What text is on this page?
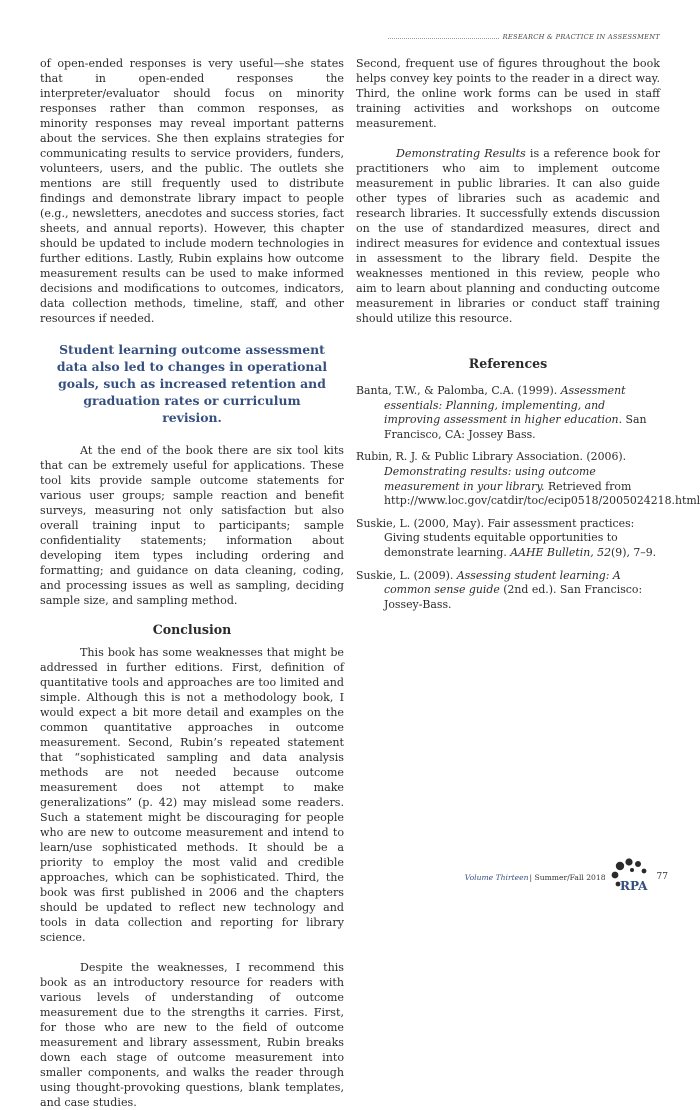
RESEARCH & PRACTICE IN ASSESSMENT

of open-ended responses is very useful—she states that in open-ended responses the interpreter/evaluator should focus on minority responses rather than common responses, as minority responses may reveal important patterns about the services. She then explains strategies for communicating results to service providers, funders, volunteers, users, and the public. The outlets she mentions are still frequently used to distribute findings and demonstrate library impact to people (e.g., newsletters, anecdotes and success stories, fact sheets, and annual reports). However, this chapter should be updated to include modern technologies in further editions. Lastly, Rubin explains how outcome measurement results can be used to make informed decisions and modifications to outcomes, indicators, data collection methods, timeline, staff, and other resources if needed.

Student learning outcome assessment data also led to changes in operational goals, such as increased retention and graduation rates or curriculum revision.

At the end of the book there are six tool kits that can be extremely useful for applications. These tool kits provide sample outcome statements for various user groups; sample reaction and benefit surveys, measuring not only satisfaction but also overall training input to participants; sample confidentiality statements; information about developing item types including ordering and formatting; and guidance on data cleaning, coding, and processing issues as well as sampling, deciding sample size, and sampling method.

Conclusion

This book has some weaknesses that might be addressed in further editions. First, definition of quantitative tools and approaches are too limited and simple. Although this is not a methodology book, I would expect a bit more detail and examples on the common quantitative approaches in outcome measurement. Second, Rubin’s repeated statement that “sophisticated sampling and data analysis methods are not needed because outcome measurement does not attempt to make generalizations” (p. 42) may mislead some readers. Such a statement might be discouraging for people who are new to outcome measurement and intend to learn/use sophisticated methods. It should be a priority to employ the most valid and credible approaches, which can be sophisticated. Third, the book was first published in 2006 and the chapters should be updated to reflect new technology and tools in data collection and reporting for library science.

Despite the weaknesses, I recommend this book as an introductory resource for readers with various levels of understanding of outcome measurement due to the strengths it carries. First, for those who are new to the field of outcome measurement and library assessment, Rubin breaks down each stage of outcome measurement into smaller components, and walks the reader through using thought-provoking questions, blank templates, and case studies.

Second, frequent use of figures throughout the book helps convey key points to the reader in a direct way. Third, the online work forms can be used in staff training activities and workshops on outcome measurement.

Demonstrating Results is a reference book for practitioners who aim to implement outcome measurement in public libraries. It can also guide other types of libraries such as academic and research libraries. It successfully extends discussion on the use of standardized measures, direct and indirect measures for evidence and contextual issues in assessment to the library field. Despite the weaknesses mentioned in this review, people who aim to learn about planning and conducting outcome measurement in libraries or conduct staff training should utilize this resource.

References

Banta, T.W., & Palomba, C.A. (1999). Assessment essentials: Planning, implementing, and improving assessment in higher education. San Francisco, CA: Jossey Bass.

Rubin, R. J. & Public Library Association. (2006). Demonstrating results: using outcome measurement in your library. Retrieved from http://www.loc.gov/catdir/toc/ecip0518/2005024218.html

Suskie, L. (2000, May). Fair assessment practices: Giving students equitable opportunities to demonstrate learning. AAHE Bulletin, 52(9), 7–9.

Suskie, L. (2009). Assessing student learning: A common sense guide (2nd ed.). San Francisco: Jossey-Bass.

Volume Thirteen | Summer/Fall 2018
RPA
77
